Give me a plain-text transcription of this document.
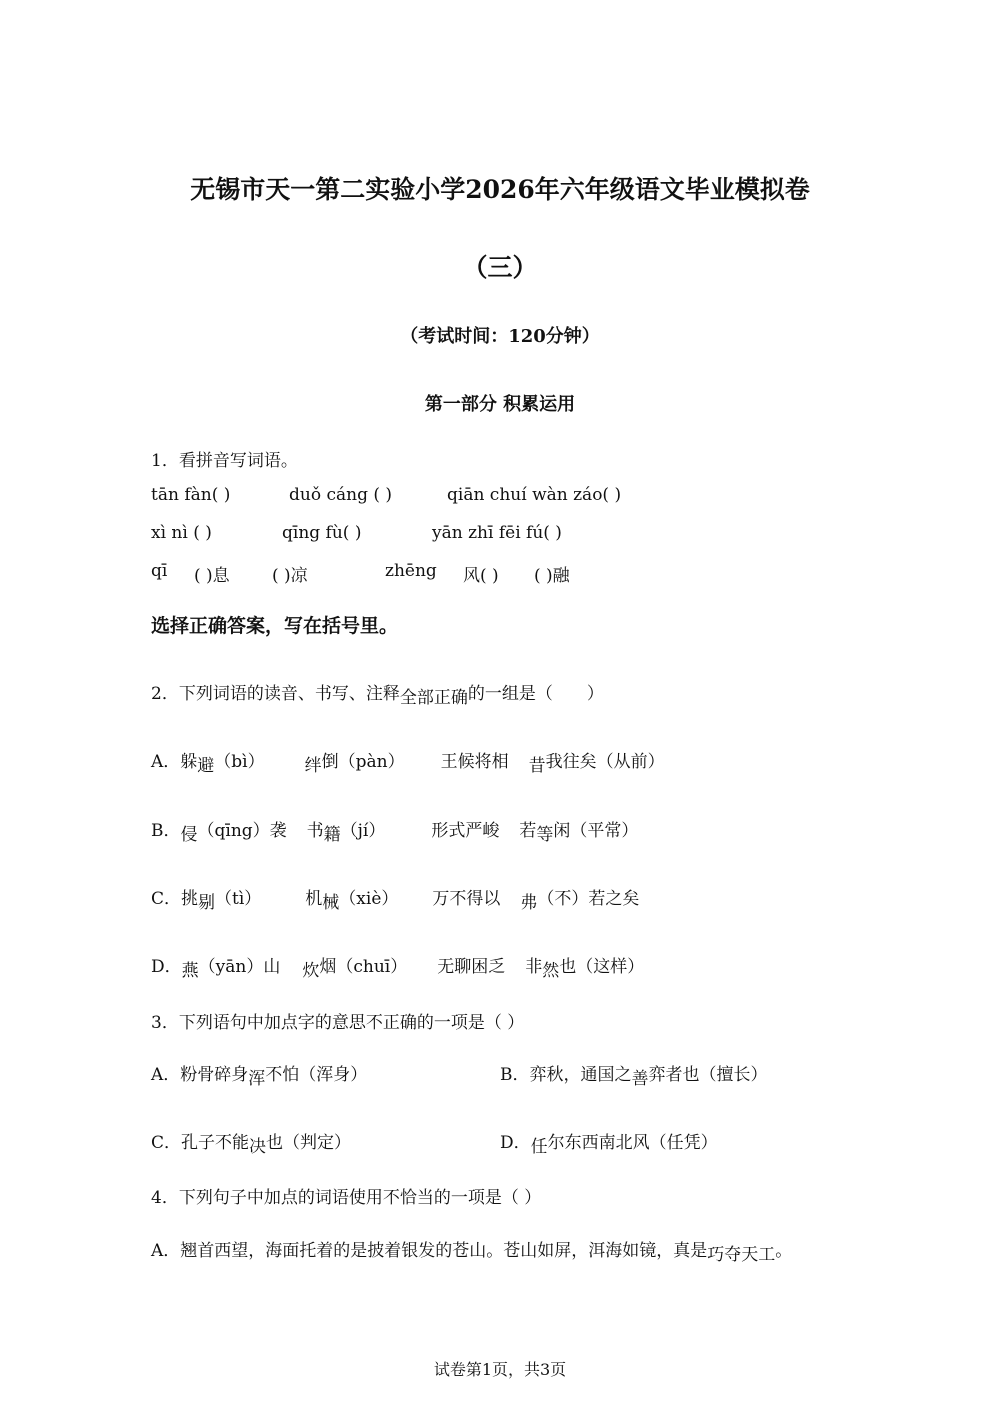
无锡市天一第二实验小学2026年六年级语文毕业模拟卷
（三）
（考试时间：120分钟）
第一部分 积累运用
1．看拼音写词语。
tān fàn( )	duǒ cáng ( )	qiān chuí wàn záo( )
xì nì ( )	qīng fù( )	yān zhī fēi fú( )
qī ( )息 ( )凉	zhēng 风( ) ( )融
选择正确答案，写在括号里。
2．下列词语的读音、书写、注释全部正确的一组是（　　）
A．躲避（bì） 绊倒（pàn） 王候将相 昔我往矣（从前）
B．侵（qīng）袭 书籍（jí）	形式严峻 若等闲（平常）
C．挑剔（tì）	机械（xiè） 万不得以 弗（不）若之矣
D．燕（yān）山 炊烟（chuī） 无聊困乏 非然也（这样）
3．下列语句中加点字的意思不正确的一项是（ ）
A．粉骨碎身浑不怕（浑身）	B．弈秋，通国之善弈者也（擅长）
C．孔子不能决也（判定）	D．任尔东西南北风（任凭）
4．下列句子中加点的词语使用不恰当的一项是（ ）
A．翘首西望，海面托着的是披着银发的苍山。苍山如屏，洱海如镜，真是巧夺天工。
试卷第1页，共3页
